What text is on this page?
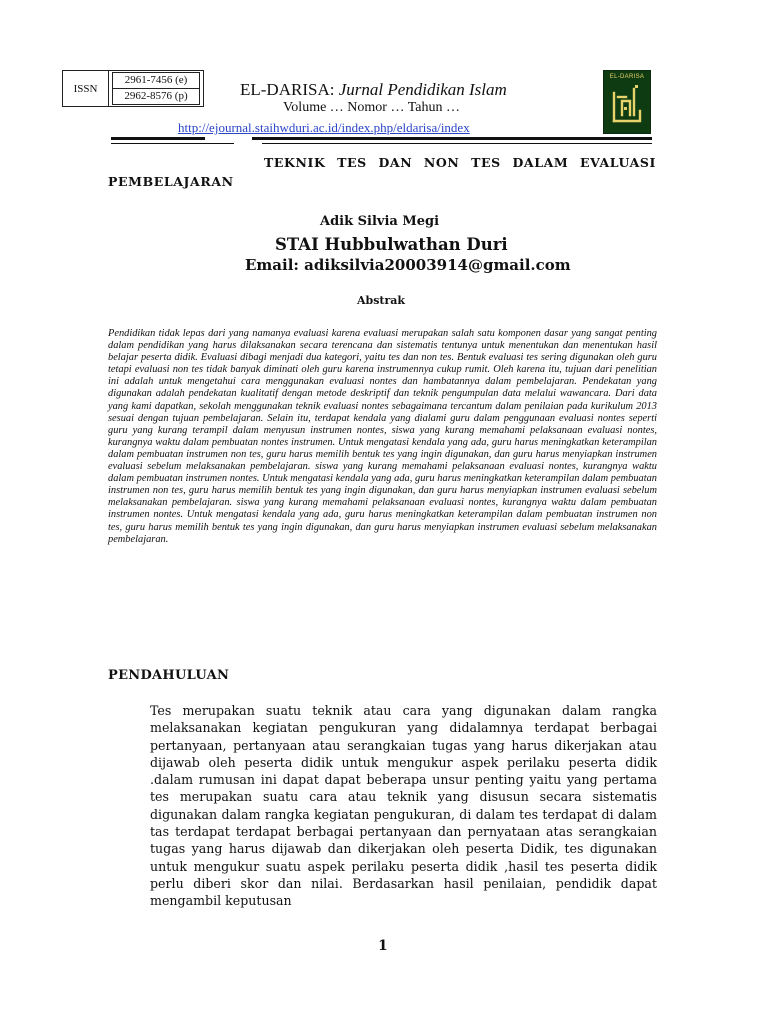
ISSN
2961-7456 (e)
2962-8576 (p)	EL-DARISA: Jurnal Pendidikan Islam
Volume … Nomor … Tahun …
http://ejournal.staihwduri.ac.id/index.php/eldarisa/index
EL-DARISA
TEKNIK TES DAN NON TES DALAM EVALUASI
PEMBELAJARAN
Adik Silvia Megi
STAI Hubbulwathan Duri
Email: adiksilvia20003914@gmail.com
Abstrak
Pendidikan tidak lepas dari yang namanya evaluasi karena evaluasi merupakan salah satu komponen dasar yang sangat penting dalam pendidikan yang harus dilaksanakan secara terencana dan sistematis tentunya untuk menentukan dan menentukan hasil belajar peserta didik. Evaluasi dibagi menjadi dua kategori, yaitu tes dan non tes. Bentuk evaluasi tes sering digunakan oleh guru tetapi evaluasi non tes tidak banyak diminati oleh guru karena instrumennya cukup rumit. Oleh karena itu, tujuan dari penelitian ini adalah untuk mengetahui cara menggunakan evaluasi nontes dan hambatannya dalam pembelajaran. Pendekatan yang digunakan adalah pendekatan kualitatif dengan metode deskriptif dan teknik pengumpulan data melalui wawancara. Dari data yang kami dapatkan, sekolah menggunakan teknik evaluasi nontes sebagaimana tercantum dalam penilaian pada kurikulum 2013 sesuai dengan tujuan pembelajaran. Selain itu, terdapat kendala yang dialami guru dalam penggunaan evaluasi nontes seperti guru yang kurang terampil dalam menyusun instrumen nontes, siswa yang kurang memahami pelaksanaan evaluasi nontes, kurangnya waktu dalam pembuatan nontes instrumen. Untuk mengatasi kendala yang ada, guru harus meningkatkan keterampilan dalam pembuatan instrumen non tes, guru harus memilih bentuk tes yang ingin digunakan, dan guru harus menyiapkan instrumen evaluasi sebelum melaksanakan pembelajaran. siswa yang kurang memahami pelaksanaan evaluasi nontes, kurangnya waktu dalam pembuatan instrumen nontes. Untuk mengatasi kendala yang ada, guru harus meningkatkan keterampilan dalam pembuatan instrumen non tes, guru harus memilih bentuk tes yang ingin digunakan, dan guru harus menyiapkan instrumen evaluasi sebelum melaksanakan pembelajaran. siswa yang kurang memahami pelaksanaan evaluasi nontes, kurangnya waktu dalam pembuatan instrumen nontes. Untuk mengatasi kendala yang ada, guru harus meningkatkan keterampilan dalam pembuatan instrumen non tes, guru harus memilih bentuk tes yang ingin digunakan, dan guru harus menyiapkan instrumen evaluasi sebelum melaksanakan pembelajaran.
PENDAHULUAN
Tes merupakan suatu teknik atau cara yang digunakan dalam rangka melaksanakan kegiatan pengukuran yang didalamnya terdapat berbagai pertanyaan, pertanyaan atau serangkaian tugas yang harus dikerjakan atau dijawab oleh peserta didik untuk mengukur aspek perilaku peserta didik .dalam rumusan ini dapat dapat beberapa unsur penting yaitu yang pertama tes merupakan suatu cara atau teknik yang disusun secara sistematis digunakan dalam rangka kegiatan pengukuran, di dalam tes terdapat di dalam tas terdapat terdapat berbagai pertanyaan dan pernyataan atas serangkaian tugas yang harus dijawab dan dikerjakan oleh peserta Didik, tes digunakan untuk mengukur suatu aspek perilaku peserta didik ,hasil tes peserta didik perlu diberi skor dan nilai. Berdasarkan hasil penilaian, pendidik dapat mengambil keputusan
1
